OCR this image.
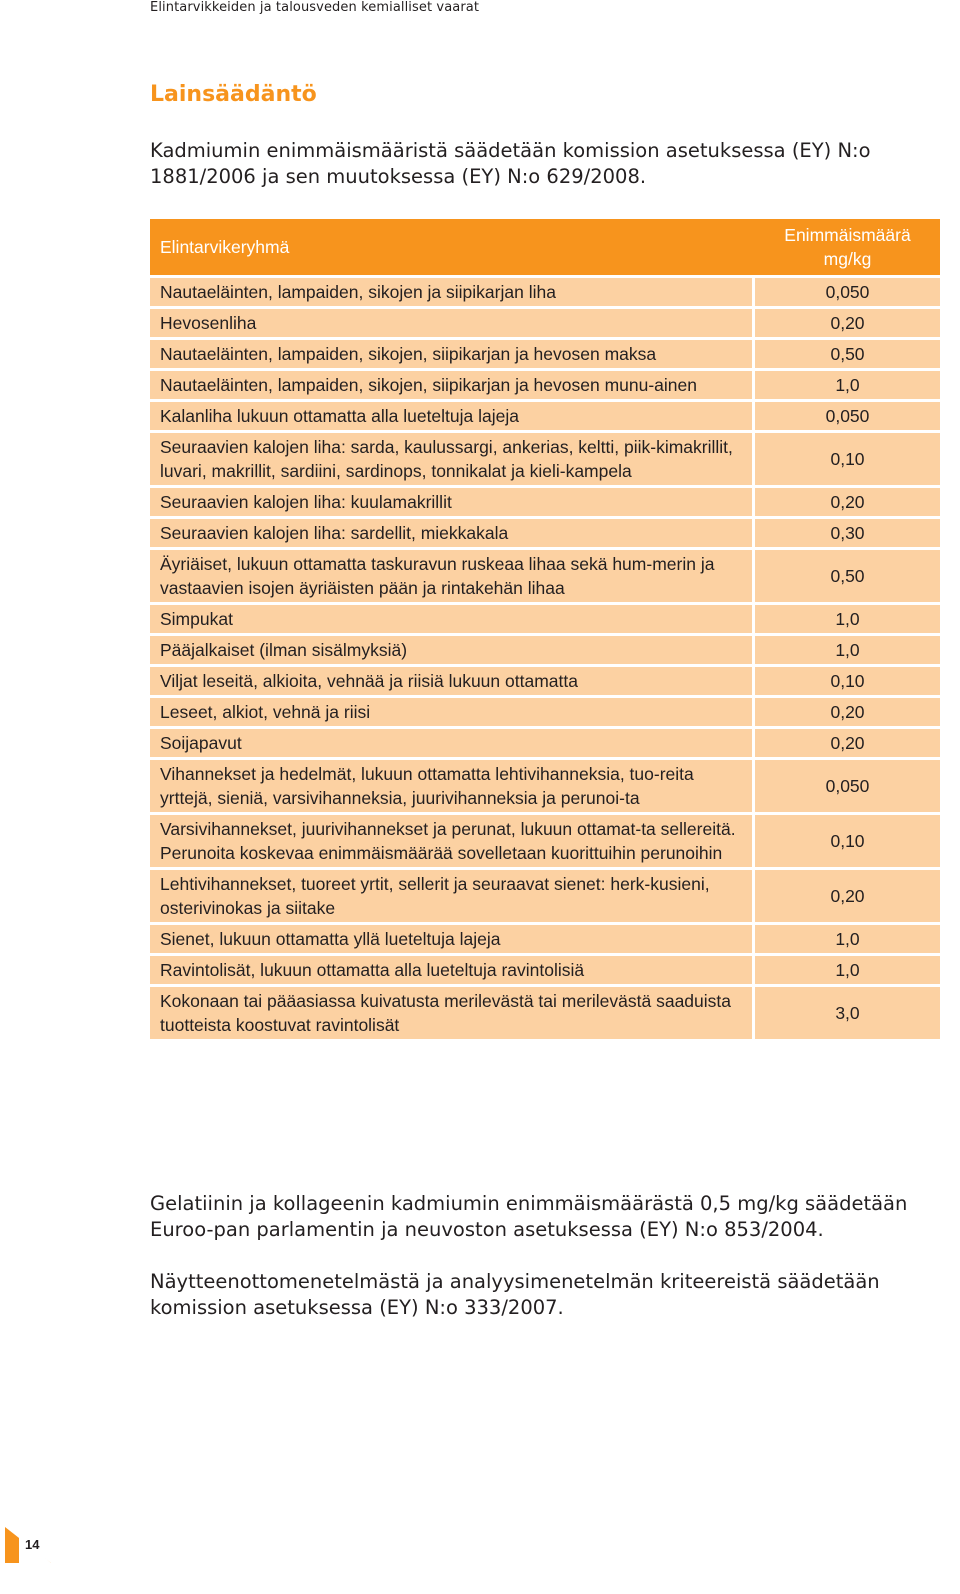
Elintarvikkeiden ja talousveden kemialliset vaarat
Lainsäädäntö
Kadmiumin enimmäismääristä säädetään komission asetuksessa (EY) N:o 1881/2006 ja sen muutoksessa (EY) N:o 629/2008.
Elintarvikeryhmä	Enimmäismäärä mg/kg
Nautaeläinten, lampaiden, sikojen ja siipikarjan liha	0,050
Hevosenliha	0,20
Nautaeläinten, lampaiden, sikojen, siipikarjan ja hevosen maksa	0,50
Nautaeläinten, lampaiden, sikojen, siipikarjan ja hevosen munu-ainen	1,0
Kalanliha lukuun ottamatta alla lueteltuja lajeja	0,050
Seuraavien kalojen liha: sarda, kaulussargi, ankerias, keltti, piik-kimakrillit, luvari, makrillit, sardiini, sardinops, tonnikalat ja kieli-kampela	0,10
Seuraavien kalojen liha: kuulamakrillit	0,20
Seuraavien kalojen liha: sardellit, miekkakala	0,30
Äyriäiset, lukuun ottamatta taskuravun ruskeaa lihaa sekä hum-merin ja vastaavien isojen äyriäisten pään ja rintakehän lihaa	0,50
Simpukat	1,0
Pääjalkaiset (ilman sisälmyksiä)	1,0
Viljat leseitä, alkioita, vehnää ja riisiä lukuun ottamatta	0,10
Leseet, alkiot, vehnä ja riisi	0,20
Soijapavut	0,20
Vihannekset ja hedelmät, lukuun ottamatta lehtivihanneksia, tuo-reita yrttejä, sieniä, varsivihanneksia, juurivihanneksia ja perunoi-ta	0,050
Varsivihannekset, juurivihannekset ja perunat, lukuun ottamat-ta sellereitä. Perunoita koskevaa enimmäismäärää sovelletaan kuorittuihin perunoihin	0,10
Lehtivihannekset, tuoreet yrtit, sellerit ja seuraavat sienet: herk-kusieni, osterivinokas ja siitake	0,20
Sienet, lukuun ottamatta yllä lueteltuja lajeja	1,0
Ravintolisät, lukuun ottamatta alla lueteltuja ravintolisiä	1,0
Kokonaan tai pääasiassa kuivatusta merilevästä tai merilevästä saaduista tuotteista koostuvat ravintolisät	3,0
Gelatiinin ja kollageenin kadmiumin enimmäismäärästä 0,5 mg/kg säädetään Euroo-pan parlamentin ja neuvoston asetuksessa (EY) N:o 853/2004.
Näytteenottomenetelmästä ja analyysimenetelmän kriteereistä säädetään komission asetuksessa (EY) N:o 333/2007.
14
